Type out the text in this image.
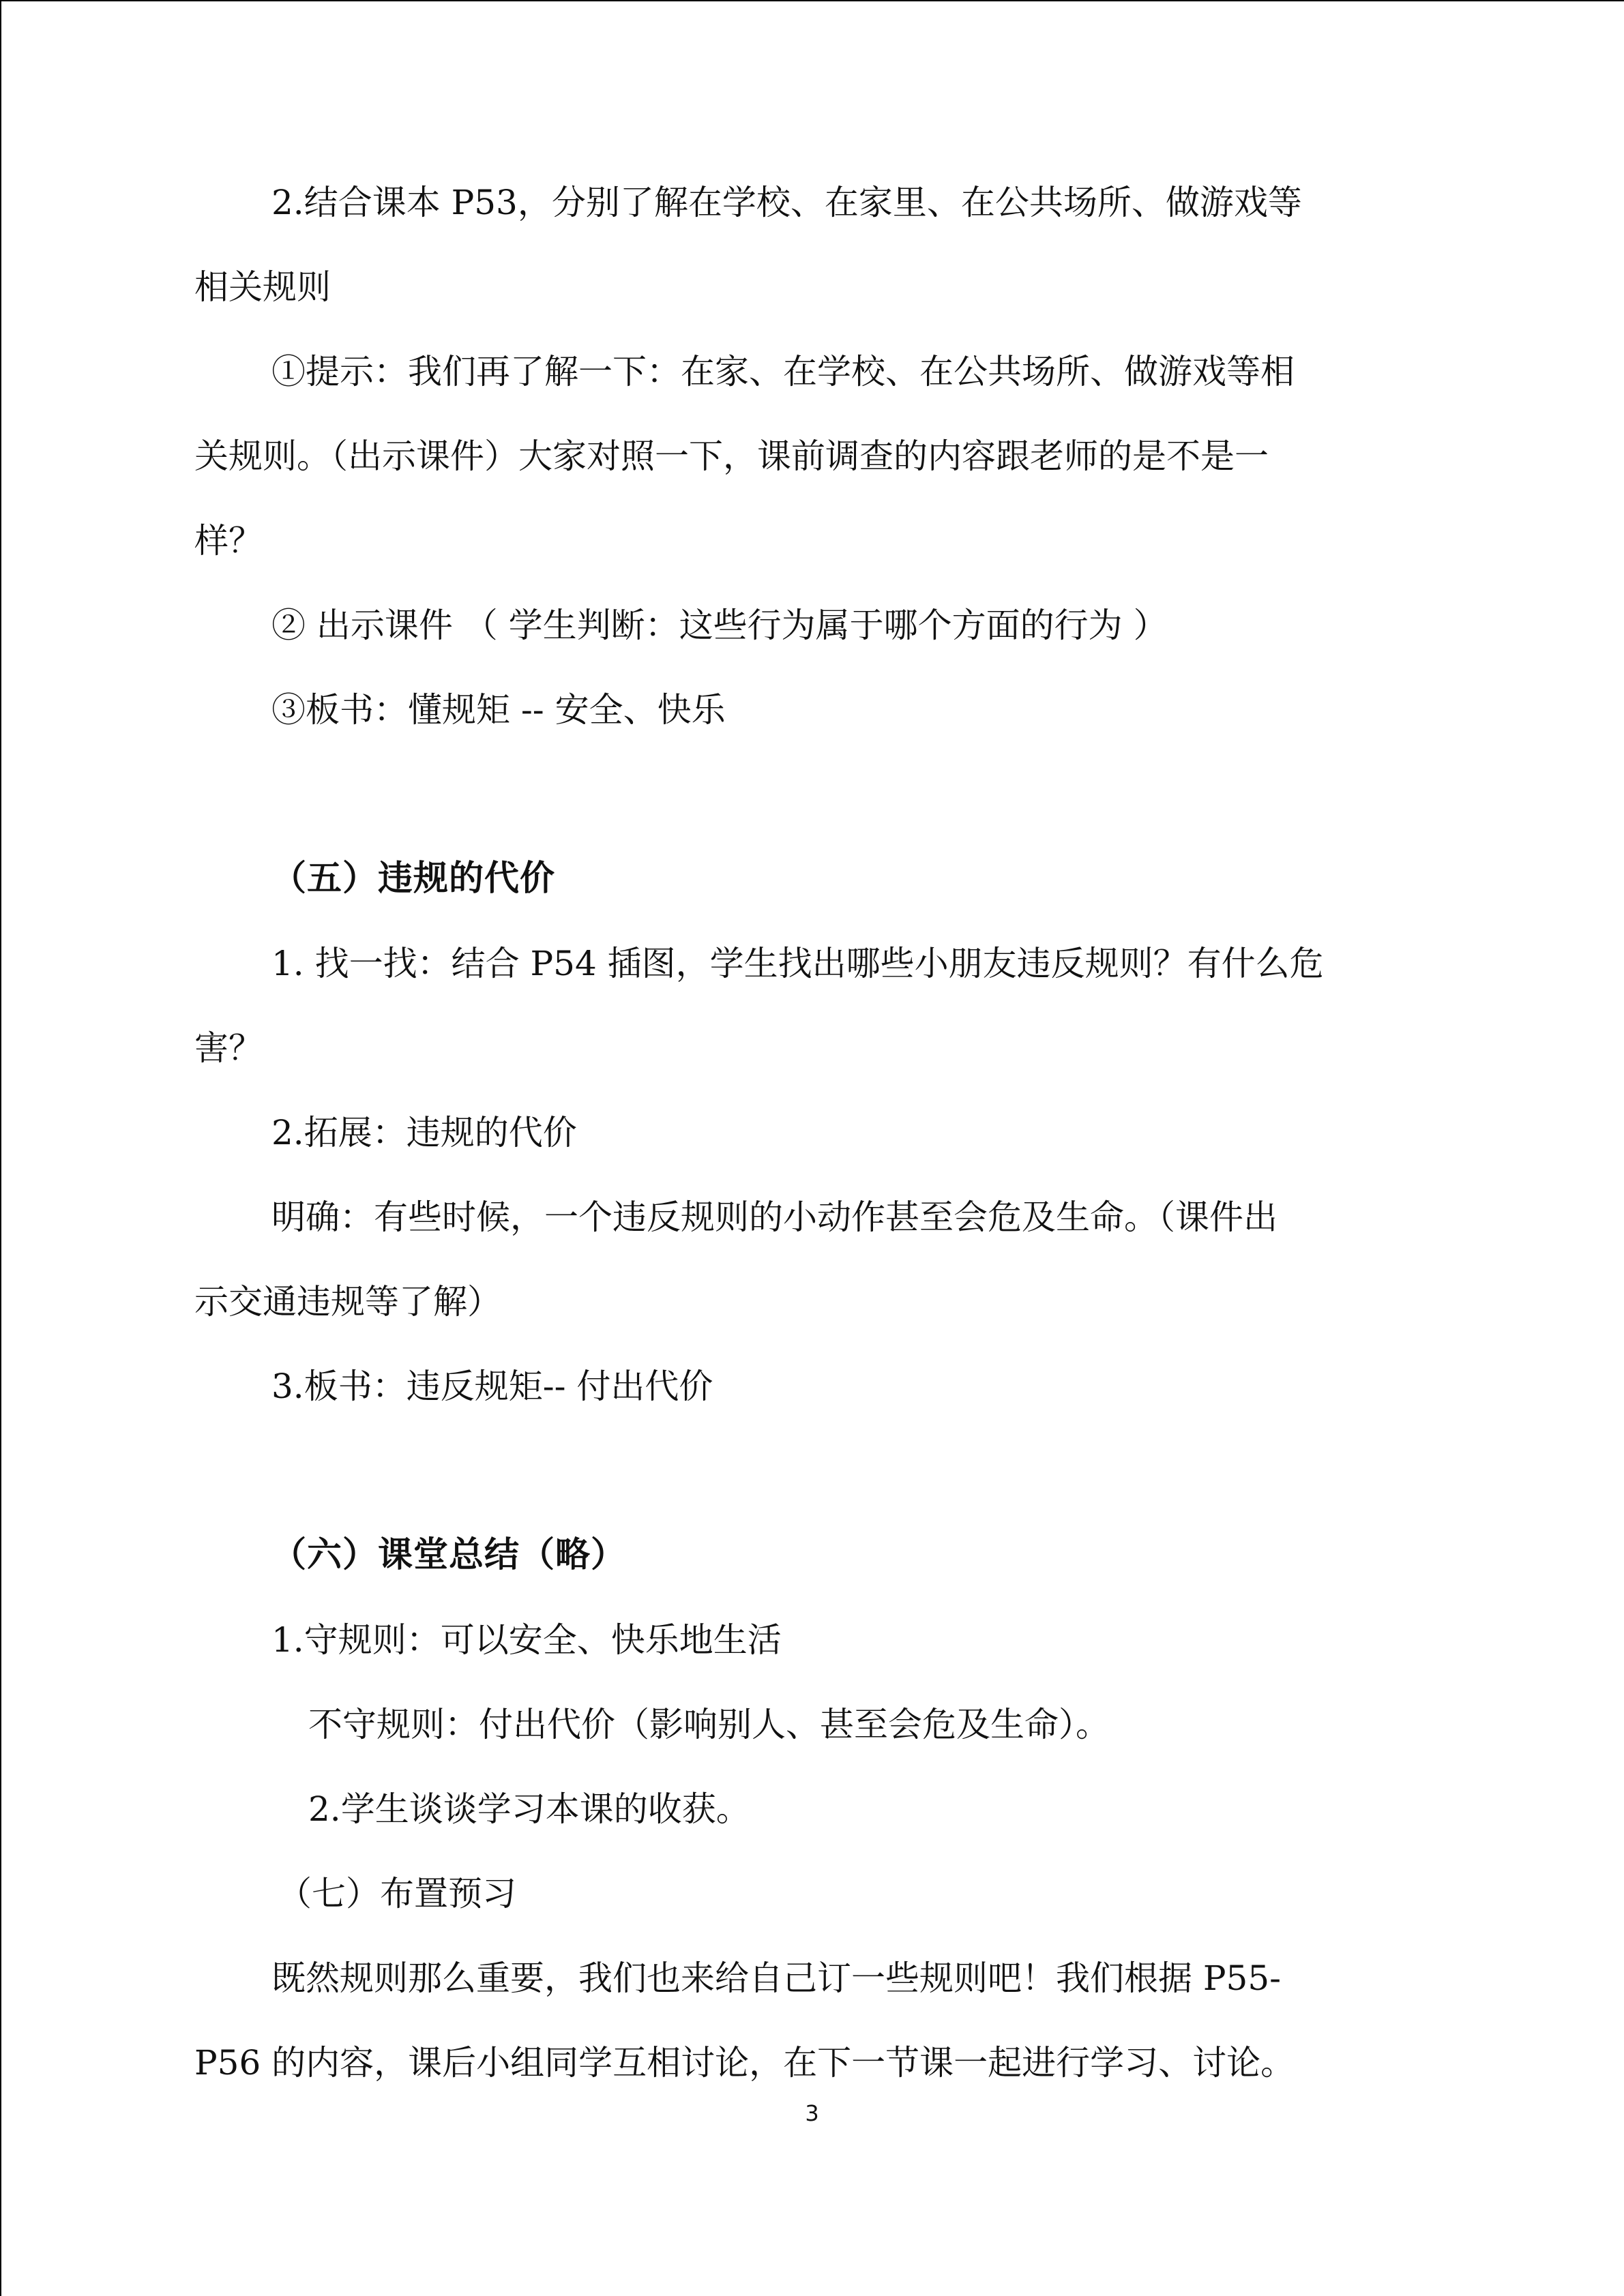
2.结合课本 P53，分别了解在学校、在家里、在公共场所、做游戏等

相关规则

①提示：我们再了解一下：在家、在学校、在公共场所、做游戏等相

关规则。（出示课件）大家对照一下，课前调查的内容跟老师的是不是一

样？

② 出示课件 （ 学生判断：这些行为属于哪个方面的行为 ）

③板书：懂规矩 -- 安全、快乐

（五）违规的代价

1. 找一找：结合 P54 插图，学生找出哪些小朋友违反规则？有什么危

害？

2.拓展：违规的代价

明确：有些时候，一个违反规则的小动作甚至会危及生命。（课件出

示交通违规等了解）

3.板书：违反规矩-- 付出代价

（六）课堂总结（略）

1.守规则：可以安全、快乐地生活

不守规则：付出代价（影响别人、甚至会危及生命）。

2.学生谈谈学习本课的收获。

（七）布置预习

既然规则那么重要，我们也来给自己订一些规则吧！我们根据 P55-

P56 的内容，课后小组同学互相讨论，在下一节课一起进行学习、讨论。

3
